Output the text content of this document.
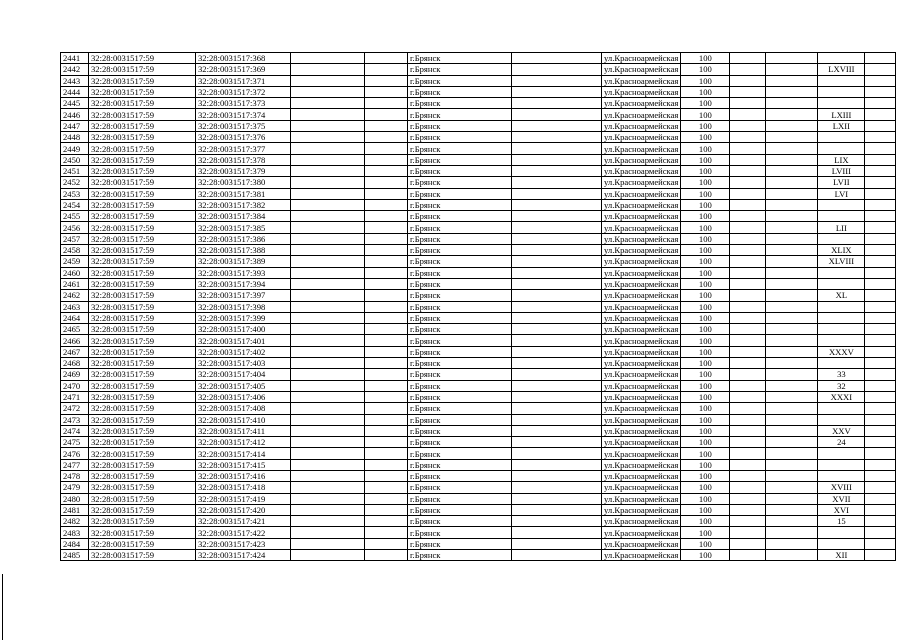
2441	32:28:0031517:59	32:28:0031517:368			г.Брянск		ул.Красноармейская	100				
2442	32:28:0031517:59	32:28:0031517:369			г.Брянск		ул.Красноармейская	100			LXVIII	
2443	32:28:0031517:59	32:28:0031517:371			г.Брянск		ул.Красноармейская	100				
2444	32:28:0031517:59	32:28:0031517:372			г.Брянск		ул.Красноармейская	100				
2445	32:28:0031517:59	32:28:0031517:373			г.Брянск		ул.Красноармейская	100				
2446	32:28:0031517:59	32:28:0031517:374			г.Брянск		ул.Красноармейская	100			LXIII	
2447	32:28:0031517:59	32:28:0031517:375			г.Брянск		ул.Красноармейская	100			LXII	
2448	32:28:0031517:59	32:28:0031517:376			г.Брянск		ул.Красноармейская	100				
2449	32:28:0031517:59	32:28:0031517:377			г.Брянск		ул.Красноармейская	100				
2450	32:28:0031517:59	32:28:0031517:378			г.Брянск		ул.Красноармейская	100			LIX	
2451	32:28:0031517:59	32:28:0031517:379			г.Брянск		ул.Красноармейская	100			LVIII	
2452	32:28:0031517:59	32:28:0031517:380			г.Брянск		ул.Красноармейская	100			LVII	
2453	32:28:0031517:59	32:28:0031517:381			г.Брянск		ул.Красноармейская	100			LVI	
2454	32:28:0031517:59	32:28:0031517:382			г.Брянск		ул.Красноармейская	100				
2455	32:28:0031517:59	32:28:0031517:384			г.Брянск		ул.Красноармейская	100				
2456	32:28:0031517:59	32:28:0031517:385			г.Брянск		ул.Красноармейская	100			LII	
2457	32:28:0031517:59	32:28:0031517:386			г.Брянск		ул.Красноармейская	100				
2458	32:28:0031517:59	32:28:0031517:388			г.Брянск		ул.Красноармейская	100			XLIX	
2459	32:28:0031517:59	32:28:0031517:389			г.Брянск		ул.Красноармейская	100			XLVIII	
2460	32:28:0031517:59	32:28:0031517:393			г.Брянск		ул.Красноармейская	100				
2461	32:28:0031517:59	32:28:0031517:394			г.Брянск		ул.Красноармейская	100				
2462	32:28:0031517:59	32:28:0031517:397			г.Брянск		ул.Красноармейская	100			XL	
2463	32:28:0031517:59	32:28:0031517:398			г.Брянск		ул.Красноармейская	100				
2464	32:28:0031517:59	32:28:0031517:399			г.Брянск		ул.Красноармейская	100				
2465	32:28:0031517:59	32:28:0031517:400			г.Брянск		ул.Красноармейская	100				
2466	32:28:0031517:59	32:28:0031517:401			г.Брянск		ул.Красноармейская	100				
2467	32:28:0031517:59	32:28:0031517:402			г.Брянск		ул.Красноармейская	100			XXXV	
2468	32:28:0031517:59	32:28:0031517:403			г.Брянск		ул.Красноармейская	100				
2469	32:28:0031517:59	32:28:0031517:404			г.Брянск		ул.Красноармейская	100			33	
2470	32:28:0031517:59	32:28:0031517:405			г.Брянск		ул.Красноармейская	100			32	
2471	32:28:0031517:59	32:28:0031517:406			г.Брянск		ул.Красноармейская	100			XXXI	
2472	32:28:0031517:59	32:28:0031517:408			г.Брянск		ул.Красноармейская	100				
2473	32:28:0031517:59	32:28:0031517:410			г.Брянск		ул.Красноармейская	100				
2474	32:28:0031517:59	32:28:0031517:411			г.Брянск		ул.Красноармейская	100			XXV	
2475	32:28:0031517:59	32:28:0031517:412			г.Брянск		ул.Красноармейская	100			24	
2476	32:28:0031517:59	32:28:0031517:414			г.Брянск		ул.Красноармейская	100				
2477	32:28:0031517:59	32:28:0031517:415			г.Брянск		ул.Красноармейская	100				
2478	32:28:0031517:59	32:28:0031517:416			г.Брянск		ул.Красноармейская	100				
2479	32:28:0031517:59	32:28:0031517:418			г.Брянск		ул.Красноармейская	100			XVIII	
2480	32:28:0031517:59	32:28:0031517:419			г.Брянск		ул.Красноармейская	100			XVII	
2481	32:28:0031517:59	32:28:0031517:420			г.Брянск		ул.Красноармейская	100			XVI	
2482	32:28:0031517:59	32:28:0031517:421			г.Брянск		ул.Красноармейская	100			15	
2483	32:28:0031517:59	32:28:0031517:422			г.Брянск		ул.Красноармейская	100				
2484	32:28:0031517:59	32:28:0031517:423			г.Брянск		ул.Красноармейская	100				
2485	32:28:0031517:59	32:28:0031517:424			г.Брянск		ул.Красноармейская	100			XII	
